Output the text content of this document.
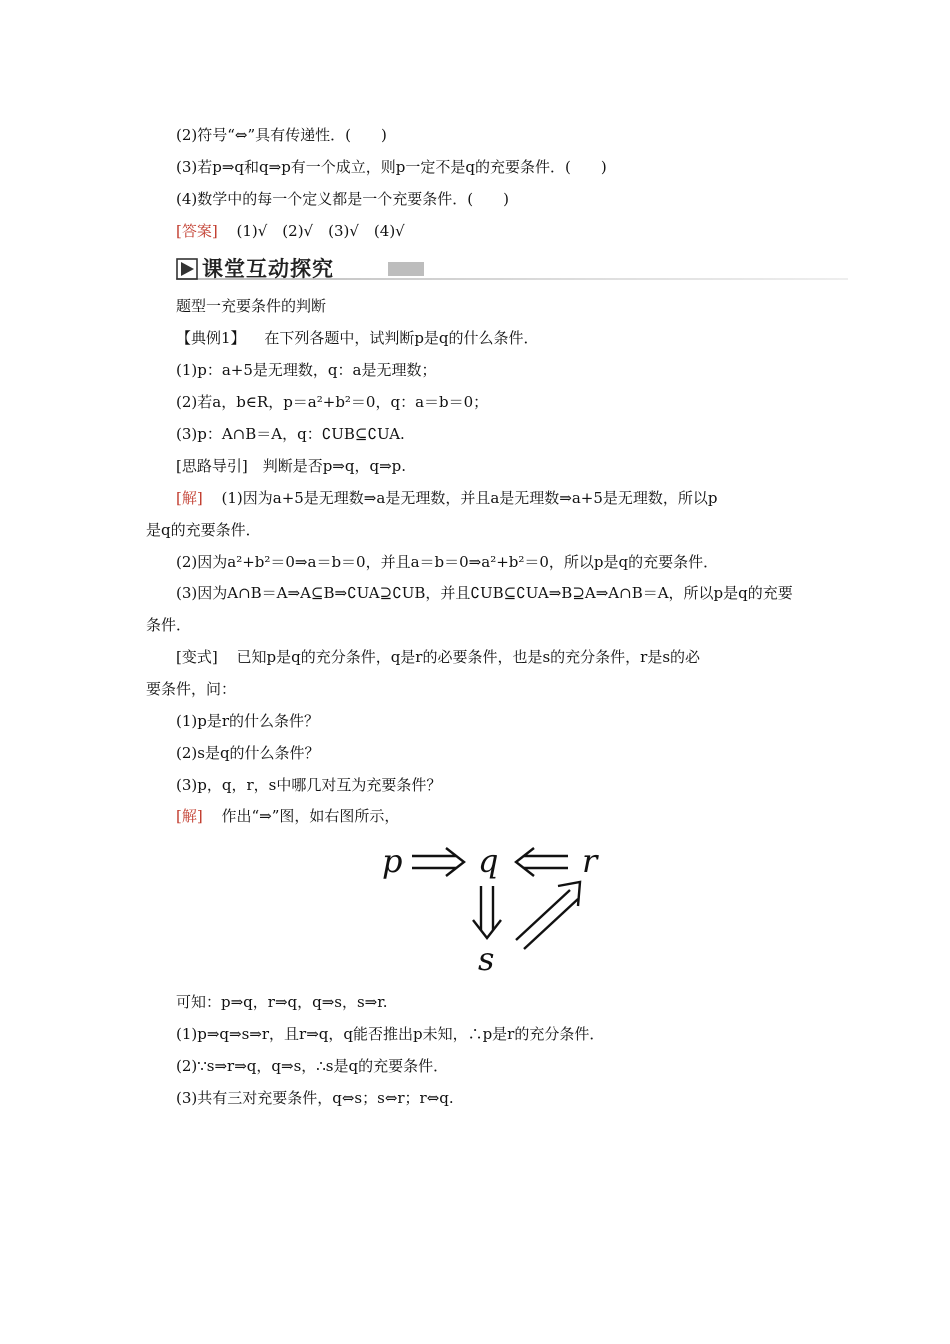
(2)符号“⇔”具有传递性．(　　)
(3)若p⇒q和q⇒p有一个成立，则p一定不是q的充要条件．(　　)
(4)数学中的每一个定义都是一个充要条件．(　　)
[答案] (1)√　(2)√　(3)√　(4)√
课堂互动探究
题型一充要条件的判断
【典例1】 在下列各题中，试判断p是q的什么条件．
(1)p：a+5是无理数，q：a是无理数；
(2)若a，b∈R，p＝a²+b²＝0，q：a＝b＝0；
(3)p：A∩B＝A，q：∁UB⊆∁UA.
[思路导引]　判断是否p⇒q，q⇒p.
[解] (1)因为a+5是无理数⇒a是无理数，并且a是无理数⇒a+5是无理数，所以p
是q的充要条件．
(2)因为a²+b²＝0⇒a＝b＝0，并且a＝b＝0⇒a²+b²＝0，所以p是q的充要条件．
(3)因为A∩B＝A⇒A⊆B⇒∁UA⊇∁UB，并且∁UB⊆∁UA⇒B⊇A⇒A∩B＝A，所以p是q的充要
条件．
[变式] 已知p是q的充分条件，q是r的必要条件，也是s的充分条件，r是s的必
要条件，问：
(1)p是r的什么条件？
(2)s是q的什么条件？
(3)p，q，r，s中哪几对互为充要条件？
[解] 作出“⇒”图，如右图所示，
p q	r
s
可知：p⇒q，r⇒q，q⇒s，s⇒r.
(1)p⇒q⇒s⇒r，且r⇒q，q能否推出p未知，∴p是r的充分条件．
(2)∵s⇒r⇒q，q⇒s，∴s是q的充要条件．
(3)共有三对充要条件，q⇔s；s⇔r；r⇔q.
